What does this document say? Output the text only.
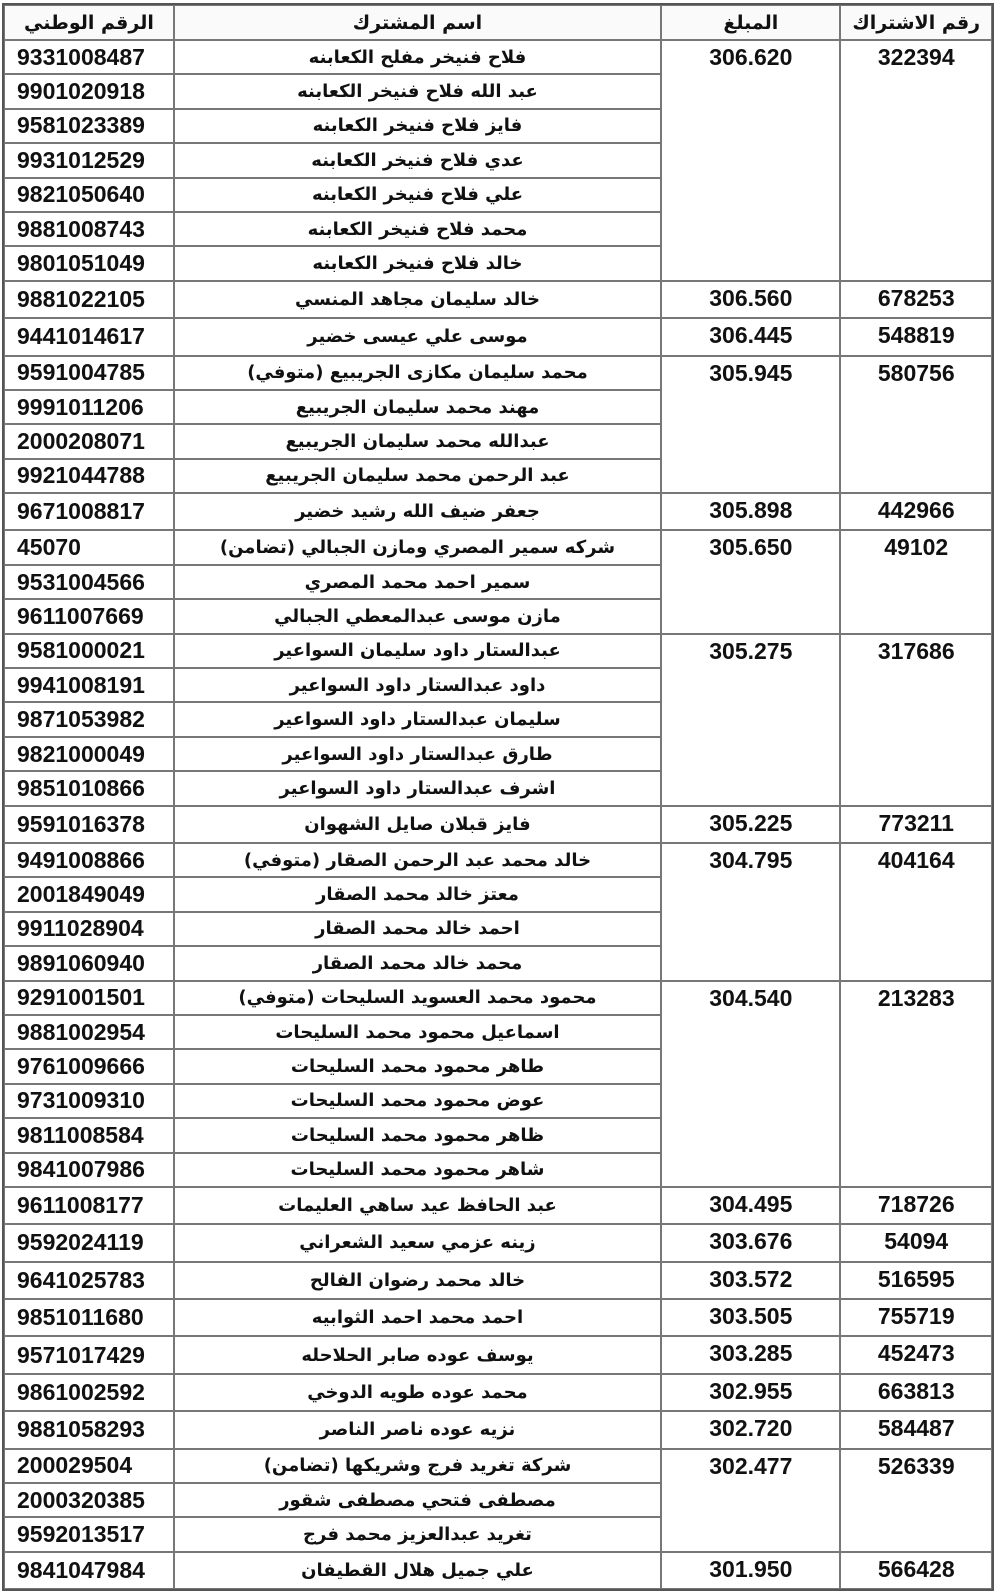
رقم الاشتراك	المبلغ	اسم المشترك	الرقم الوطني
322394	306.620	فلاح فنيخر مفلح الكعابنه	9331008487
		عبد الله فلاح فنيخر الكعابنه	9901020918
		فايز فلاح فنيخر الكعابنه	9581023389
		عدي فلاح فنيخر الكعابنه	9931012529
		علي فلاح فنيخر الكعابنه	9821050640
		محمد فلاح فنيخر الكعابنه	9881008743
		خالد فلاح فنيخر الكعابنه	9801051049
678253	306.560	خالد سليمان مجاهد المنسي	9881022105
548819	306.445	موسى علي عيسى خضير	9441014617
580756	305.945	محمد سليمان مكازى الجريبيع (متوفي)	9591004785
		مهند محمد سليمان الجريبيع	9991011206
		عبدالله محمد سليمان الجريبيع	2000208071
		عبد الرحمن محمد سليمان الجريبيع	9921044788
442966	305.898	جعفر ضيف الله رشيد خضير	9671008817
49102	305.650	شركه سمير المصري ومازن الجبالي (تضامن)	45070
		سمير احمد محمد المصري	9531004566
		مازن موسى عبدالمعطي الجبالي	9611007669
317686	305.275	عبدالستار داود سليمان السواعير	9581000021
		داود عبدالستار داود السواعير	9941008191
		سليمان عبدالستار داود السواعير	9871053982
		طارق عبدالستار داود السواعير	9821000049
		اشرف عبدالستار داود السواعير	9851010866
773211	305.225	فايز قبلان صايل الشهوان	9591016378
404164	304.795	خالد محمد عبد الرحمن الصقار (متوفي)	9491008866
		معتز خالد محمد الصقار	2001849049
		احمد خالد محمد الصقار	9911028904
		محمد خالد محمد الصقار	9891060940
213283	304.540	محمود محمد العسويد السليحات (متوفي)	9291001501
		اسماعيل محمود محمد السليحات	9881002954
		طاهر محمود محمد السليحات	9761009666
		عوض محمود محمد السليحات	9731009310
		ظاهر محمود محمد السليحات	9811008584
		شاهر محمود محمد السليحات	9841007986
718726	304.495	عبد الحافظ عيد ساهي العليمات	9611008177
54094	303.676	زينه عزمي سعيد الشعراني	9592024119
516595	303.572	خالد محمد رضوان الفالح	9641025783
755719	303.505	احمد محمد احمد الثوابيه	9851011680
452473	303.285	يوسف عوده صابر الحلاحله	9571017429
663813	302.955	محمد عوده طويه الدوخي	9861002592
584487	302.720	نزيه عوده ناصر الناصر	9881058293
526339	302.477	شركة تغريد فرج وشريكها (تضامن)	200029504
		مصطفى فتحي مصطفى شقور	2000320385
		تغريد عبدالعزيز محمد فرج	9592013517
566428	301.950	علي جميل هلال القطيفان	9841047984
